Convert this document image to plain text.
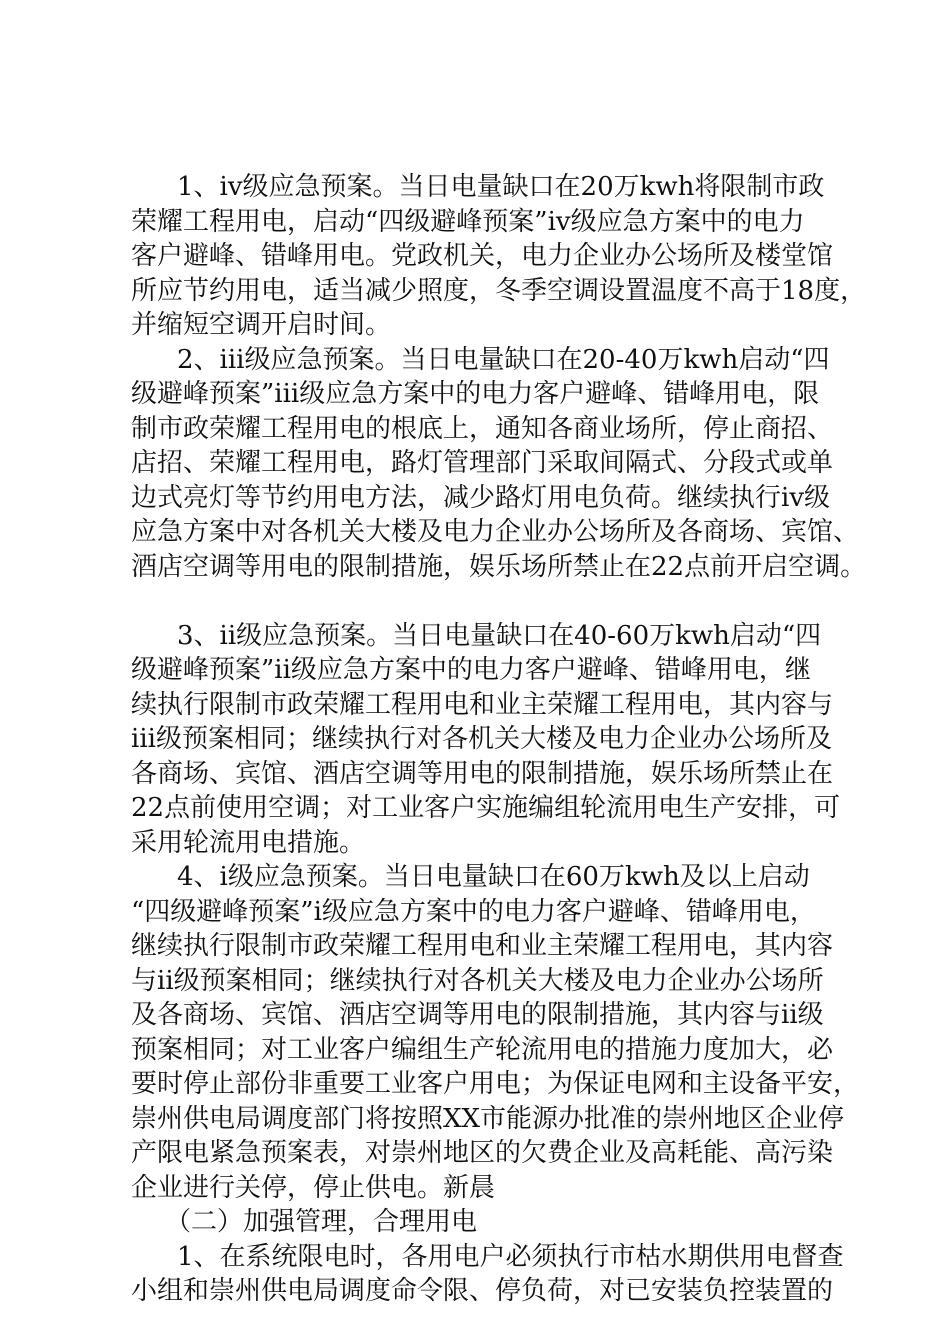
1、iv级应急预案。当日电量缺口在20万kwh将限制市政
荣耀工程用电，启动“四级避峰预案”iv级应急方案中的电力
客户避峰、错峰用电。党政机关，电力企业办公场所及楼堂馆
所应节约用电，适当减少照度，冬季空调设置温度不高于18度，
并缩短空调开启时间。
2、iii级应急预案。当日电量缺口在20-40万kwh启动“四
级避峰预案”iii级应急方案中的电力客户避峰、错峰用电，限
制市政荣耀工程用电的根底上，通知各商业场所，停止商招、
店招、荣耀工程用电，路灯管理部门采取间隔式、分段式或单
边式亮灯等节约用电方法，减少路灯用电负荷。继续执行iv级
应急方案中对各机关大楼及电力企业办公场所及各商场、宾馆、
酒店空调等用电的限制措施，娱乐场所禁止在22点前开启空调。
3、ii级应急预案。当日电量缺口在40-60万kwh启动“四
级避峰预案”ii级应急方案中的电力客户避峰、错峰用电，继
续执行限制市政荣耀工程用电和业主荣耀工程用电，其内容与
iii级预案相同；继续执行对各机关大楼及电力企业办公场所及
各商场、宾馆、酒店空调等用电的限制措施，娱乐场所禁止在
22点前使用空调；对工业客户实施编组轮流用电生产安排，可
采用轮流用电措施。
4、i级应急预案。当日电量缺口在60万kwh及以上启动
“四级避峰预案”i级应急方案中的电力客户避峰、错峰用电，
继续执行限制市政荣耀工程用电和业主荣耀工程用电，其内容
与ii级预案相同；继续执行对各机关大楼及电力企业办公场所
及各商场、宾馆、酒店空调等用电的限制措施，其内容与ii级
预案相同；对工业客户编组生产轮流用电的措施力度加大，必
要时停止部份非重要工业客户用电；为保证电网和主设备平安，
崇州供电局调度部门将按照XX市能源办批准的崇州地区企业停
产限电紧急预案表，对崇州地区的欠费企业及高耗能、高污染
企业进行关停，停止供电。新晨
（二）加强管理，合理用电
1、在系统限电时，各用电户必须执行市枯水期供用电督查
小组和崇州供电局调度命令限、停负荷，对已安装负控装置的
